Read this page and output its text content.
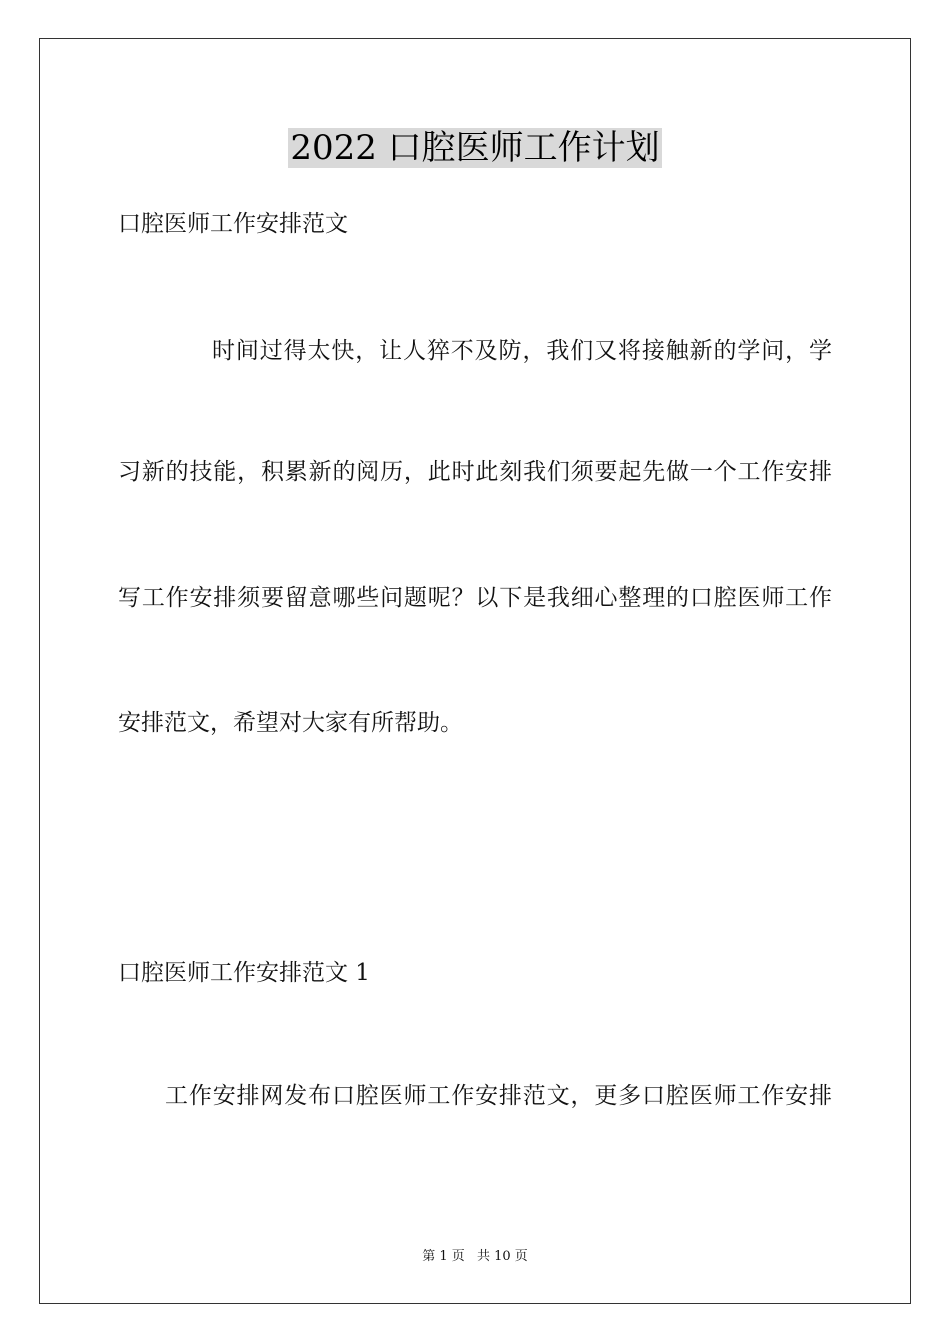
2022 口腔医师工作计划
口腔医师工作安排范文
时间过得太快，让人猝不及防，我们又将接触新的学问，学
习新的技能，积累新的阅历，此时此刻我们须要起先做一个工作安排
写工作安排须要留意哪些问题呢？以下是我细心整理的口腔医师工作
安排范文，希望对大家有所帮助。
口腔医师工作安排范文 1
工作安排网发布口腔医师工作安排范文，更多口腔医师工作安排
第 1 页 共 10 页
